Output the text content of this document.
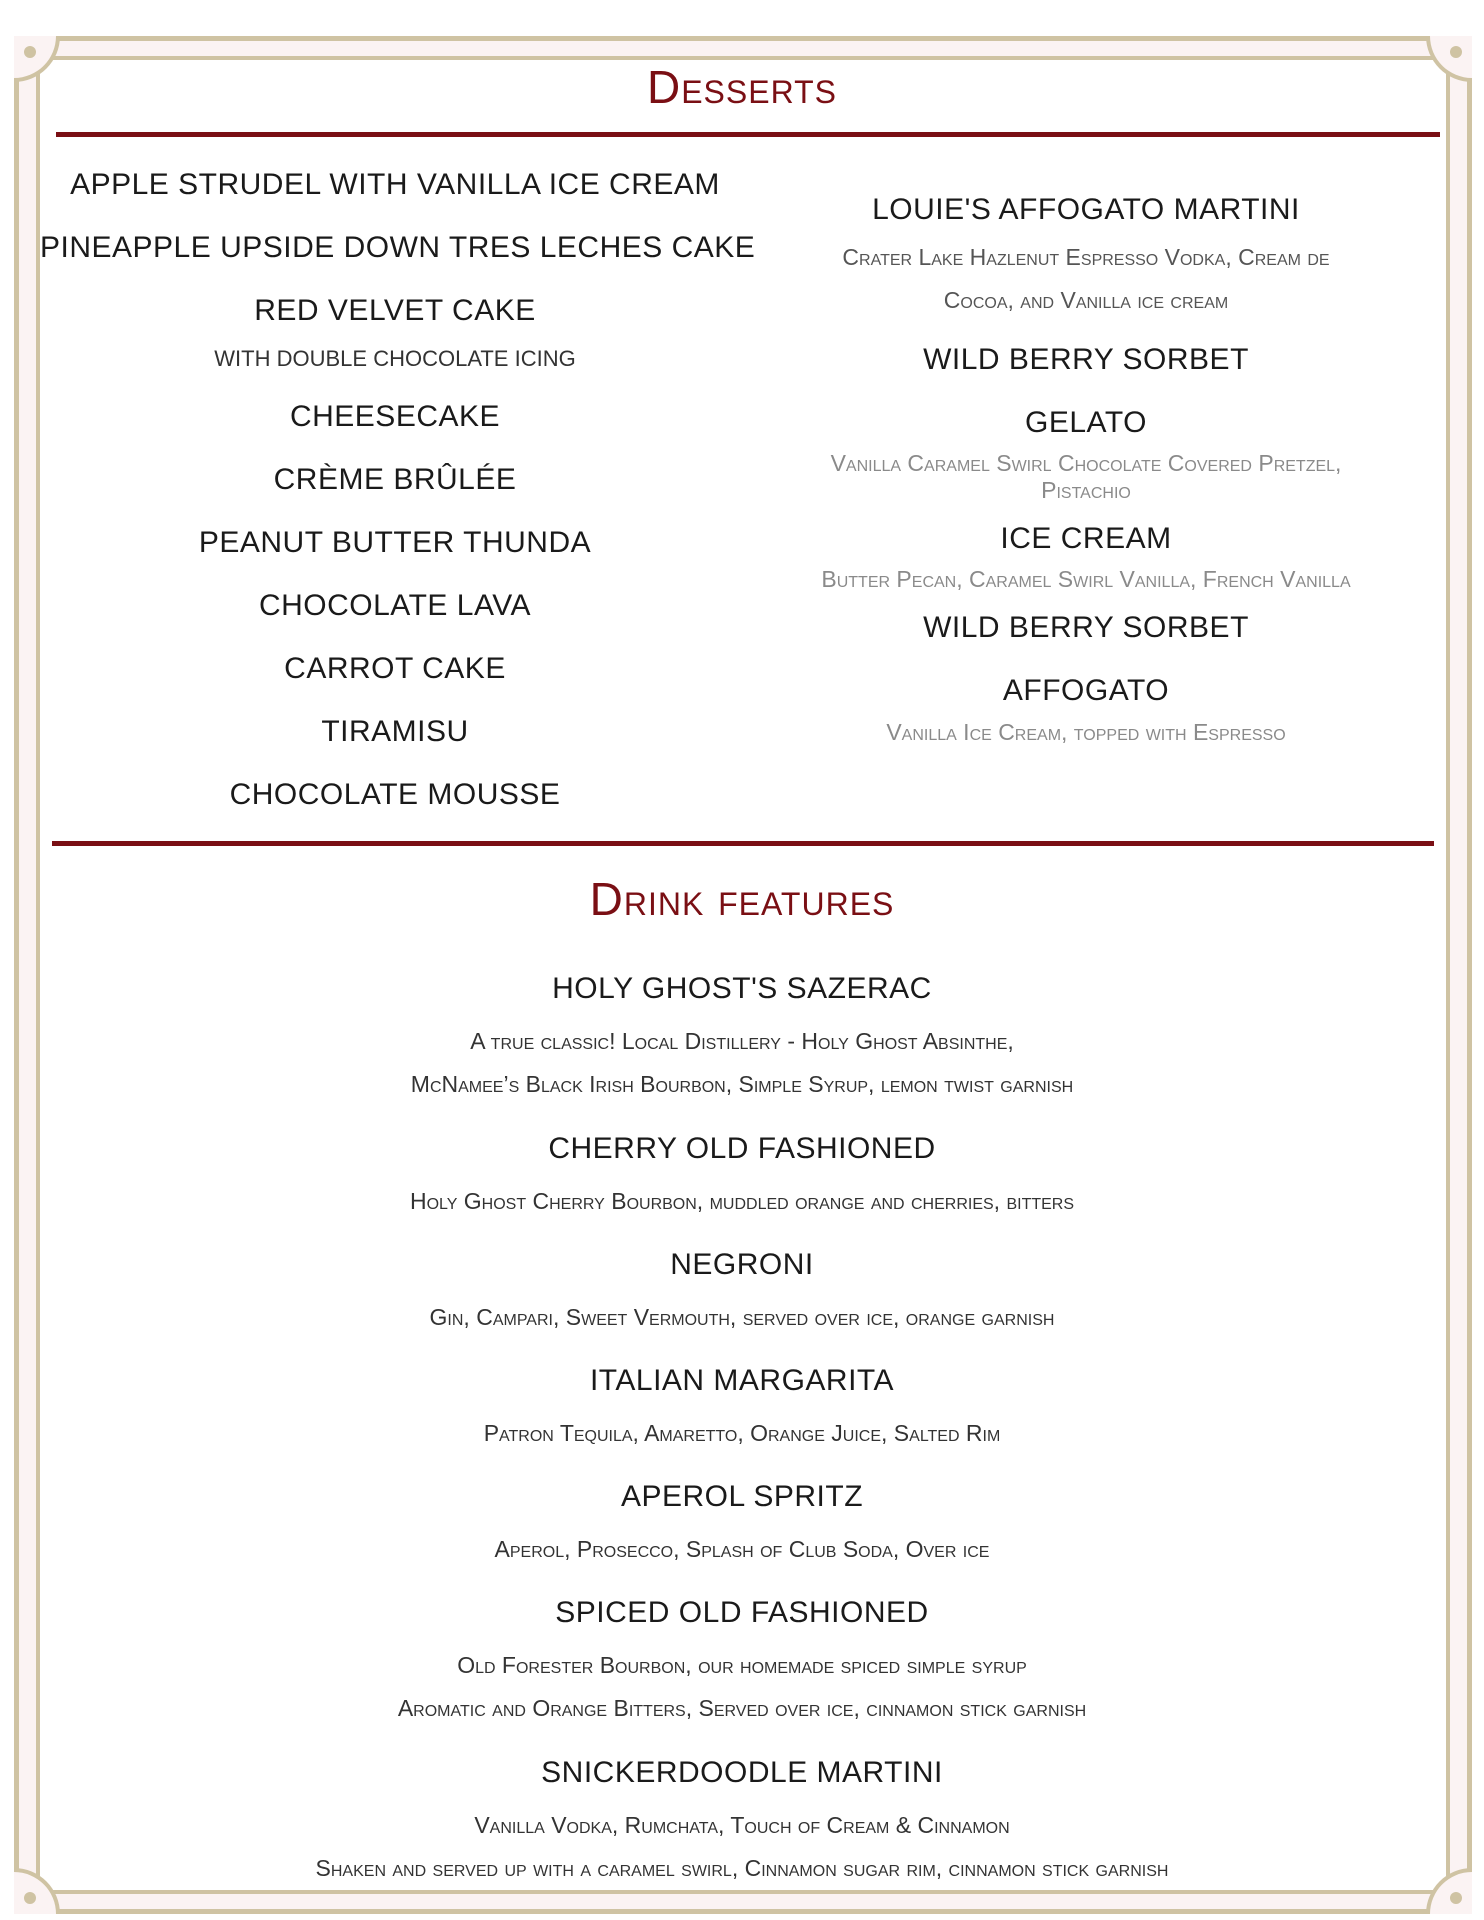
Desserts
APPLE STRUDEL WITH VANILLA ICE CREAM
PINEAPPLE UPSIDE DOWN TRES LECHES CAKE
RED VELVET CAKE
WITH DOUBLE CHOCOLATE ICING
CHEESECAKE
CRÈME BRÛLÉE
PEANUT BUTTER THUNDA
CHOCOLATE LAVA
CARROT CAKE
TIRAMISU
CHOCOLATE MOUSSE
LOUIE'S AFFOGATO MARTINI
Crater Lake Hazlenut Espresso Vodka, Cream de
Cocoa, and Vanilla ice cream
WILD BERRY SORBET
GELATO
Vanilla Caramel Swirl Chocolate Covered Pretzel,
Pistachio
ICE CREAM
Butter Pecan, Caramel Swirl Vanilla, French Vanilla
WILD BERRY SORBET
AFFOGATO
Vanilla Ice Cream, topped with Espresso
Drink features
HOLY GHOST'S SAZERAC
A true classic! Local Distillery - Holy Ghost Absinthe,
McNamee’s Black Irish Bourbon, Simple Syrup, lemon twist garnish
CHERRY OLD FASHIONED
Holy Ghost Cherry Bourbon, muddled orange and cherries, bitters
NEGRONI
Gin, Campari, Sweet Vermouth, served over ice, orange garnish
ITALIAN MARGARITA
Patron Tequila, Amaretto, Orange Juice, Salted Rim
APEROL SPRITZ
Aperol, Prosecco, Splash of Club Soda, Over ice
SPICED OLD FASHIONED
Old Forester Bourbon, our homemade spiced simple syrup
Aromatic and Orange Bitters, Served over ice, cinnamon stick garnish
SNICKERDOODLE MARTINI
Vanilla Vodka, Rumchata, Touch of Cream & Cinnamon
Shaken and served up with a caramel swirl, Cinnamon sugar rim, cinnamon stick garnish
